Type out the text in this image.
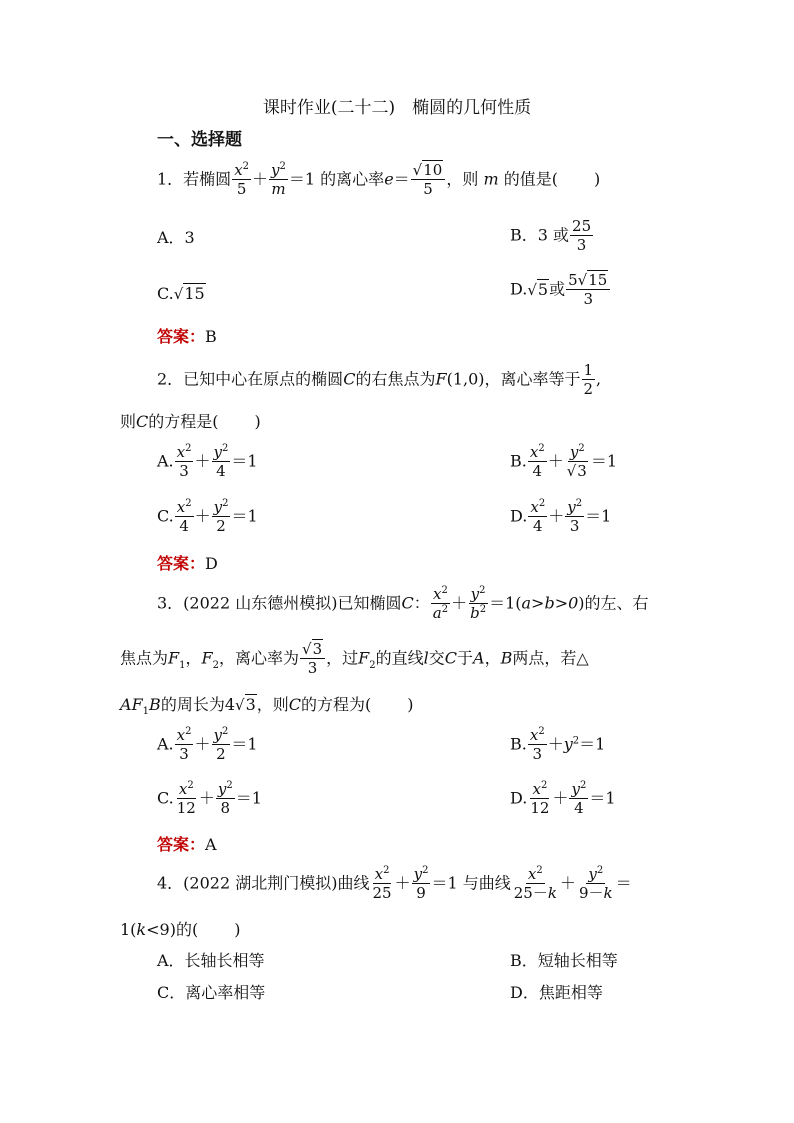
课时作业(二十二)　椭圆的几何性质
一、选择题
1．若椭圆 $\frac{x^2}{5} + \frac{y^2}{m} =1$ 的离心率$e= \frac{√10}{5}$ ，则 m 的值是( )
A．3	B．3 或 $\frac{25}{3}$
C.√15	D.√5或 $\frac{5√15}{3}$
答案：B
2．已知中心在原点的椭圆C的右焦点为F(1,0)，离心率等于 $\frac{1}{2}$ ,
则C的方程是( )
A. $\frac{x^2}{3} + \frac{y^2}{4} =1$	B. $\frac{x^2}{4} + \frac{y^2}{√3} =1$
C. $\frac{x^2}{4} + \frac{y^2}{2} =1$	D. $\frac{x^2}{4} + \frac{y^2}{3} =1$
答案：D
3．(2022 山东德州模拟)已知椭圆C： $\frac{x^2}{a^2} + \frac{y^2}{b^2} =1(a>b>0)$的左、右
焦点为$F_1$，$F_2$，离心率为 $\frac{√3}{3}$ ，过$F_2$的直线l交C于A，B两点，若△
$AF_1B$的周长为4√3，则C的方程为( )
A. $\frac{x^2}{3} + \frac{y^2}{2} =1$	B. $\frac{x^2}{3} +y^2=1$
C. $\frac{x^2}{12} + \frac{y^2}{8} =1$	D. $\frac{x^2}{12} + \frac{y^2}{4} =1$
答案：A
4．(2022 湖北荆门模拟)曲线 $\frac{x^2}{25} + \frac{y^2}{9} =1$ 与曲线 $\frac{x^2}{25-k} + \frac{y^2}{9-k}$ ＝
1(k<9)的( )
A．长轴长相等	B．短轴长相等
C．离心率相等	D．焦距相等
